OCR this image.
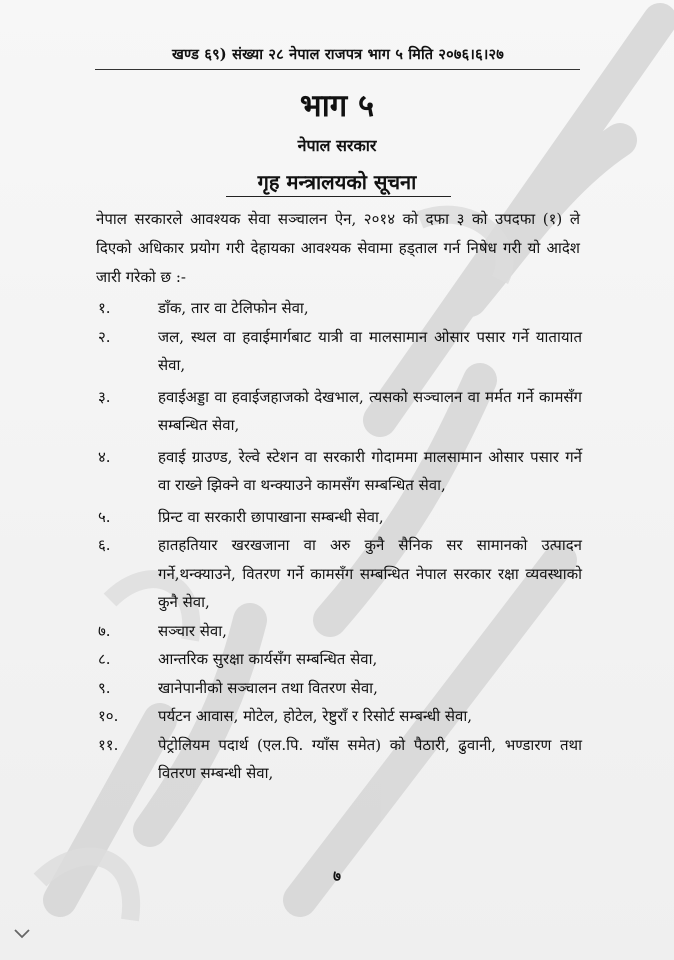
खण्ड ६९) संख्या २८ नेपाल राजपत्र भाग ५ मिति २०७६।६।२७
भाग ५
नेपाल सरकार
गृह मन्त्रालयको सूचना
नेपाल सरकारले आवश्यक सेवा सञ्चालन ऐन, २०१४ को दफा ३ को उपदफा (१) ले दिएको अधिकार प्रयोग गरी देहायका आवश्यक सेवामा हड्ताल गर्न निषेध गरी यो आदेश जारी गरेको छ :-
१.	डाँक, तार वा टेलिफोन सेवा,
२.	जल, स्थल वा हवाईमार्गबाट यात्री वा मालसामान ओसार पसार गर्ने यातायात सेवा,
३.	हवाईअड्डा वा हवाईजहाजको देखभाल, त्यसको सञ्चालन वा मर्मत गर्ने कामसँग सम्बन्धित सेवा,
४.	हवाई ग्राउण्ड, रेल्वे स्टेशन वा सरकारी गोदाममा मालसामान ओसार पसार गर्ने वा राख्ने झिक्ने वा थन्क्याउने कामसँग सम्बन्धित सेवा,
५.	प्रिन्ट वा सरकारी छापाखाना सम्बन्धी सेवा,
६.	हातहतियार खरखजाना वा अरु कुनै सैनिक सर सामानको उत्पादन गर्ने,थन्क्याउने, वितरण गर्ने कामसँग सम्बन्धित नेपाल सरकार रक्षा व्यवस्थाको कुनै सेवा,
७.	सञ्चार सेवा,
८.	आन्तरिक सुरक्षा कार्यसँग सम्बन्धित सेवा,
९.	खानेपानीको सञ्चालन तथा वितरण सेवा,
१०.	पर्यटन आवास, मोटेल, होटेल, रेष्टुराँ र रिसोर्ट सम्बन्धी सेवा,
११.	पेट्रोलियम पदार्थ (एल.पि. ग्याँस समेत) को पैठारी, ढुवानी, भण्डारण तथा वितरण सम्बन्धी सेवा,
७
